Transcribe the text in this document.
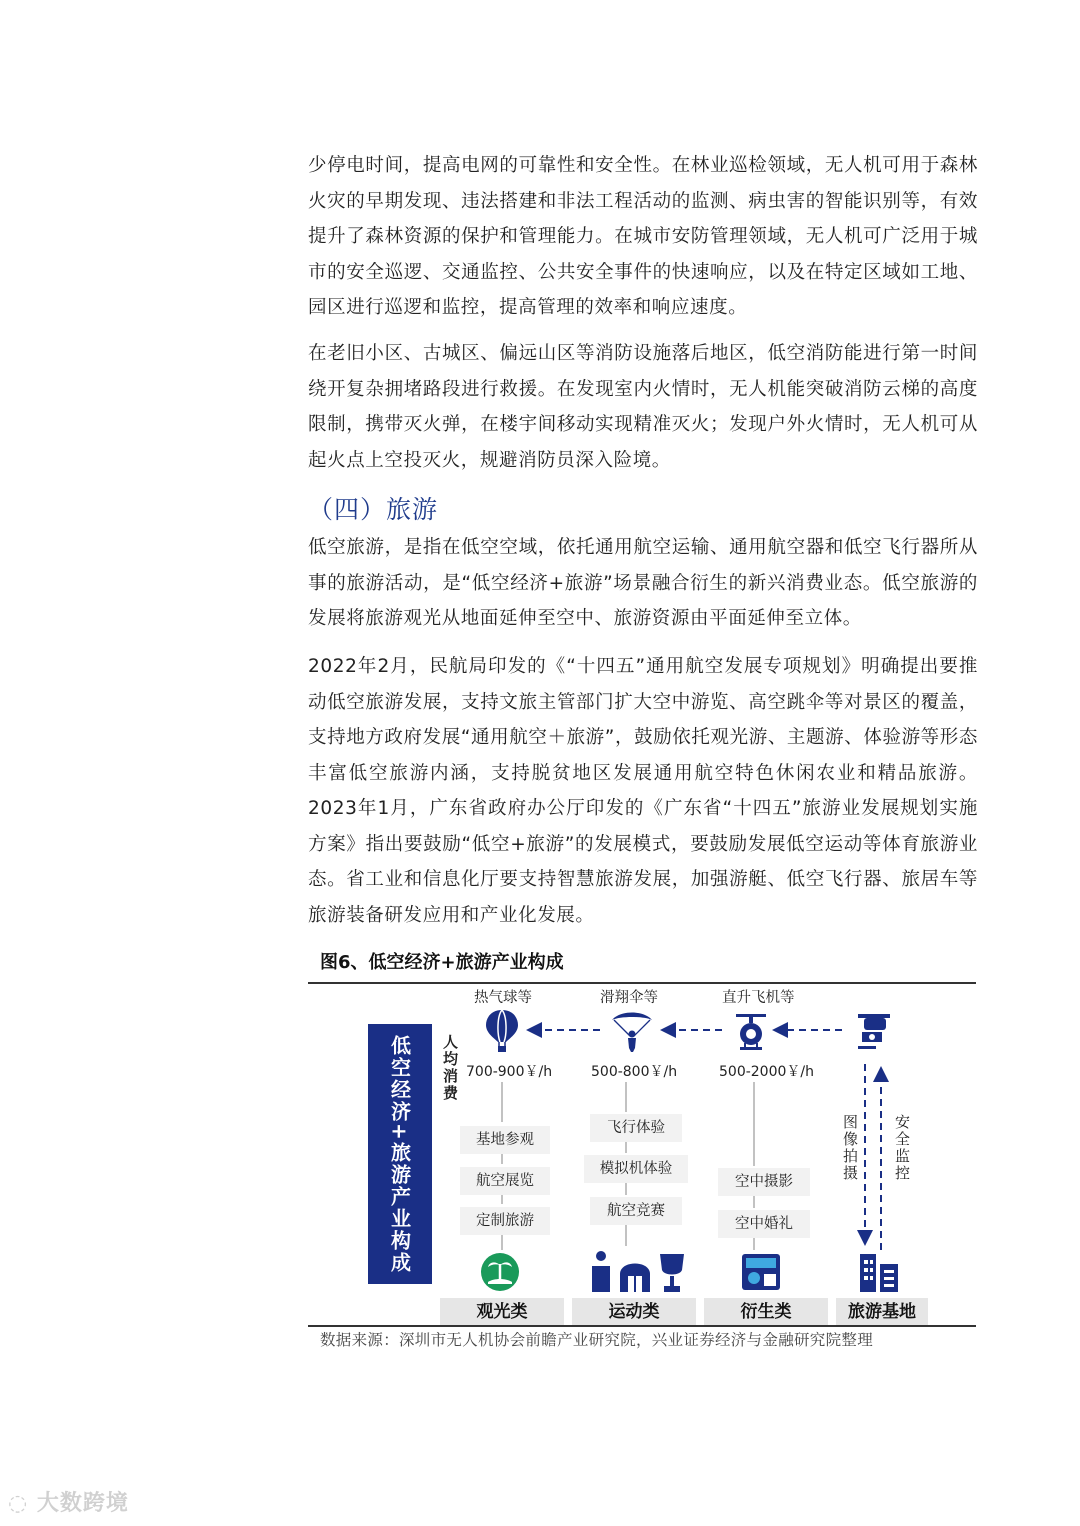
少停电时间，提高电网的可靠性和安全性。在林业巡检领域，无人机可用于森林火灾的早期发现、违法搭建和非法工程活动的监测、病虫害的智能识别等，有效提升了森林资源的保护和管理能力。在城市安防管理领域，无人机可广泛用于城市的安全巡逻、交通监控、公共安全事件的快速响应，以及在特定区域如工地、园区进行巡逻和监控，提高管理的效率和响应速度。

在老旧小区、古城区、偏远山区等消防设施落后地区，低空消防能进行第一时间绕开复杂拥堵路段进行救援。在发现室内火情时，无人机能突破消防云梯的高度限制，携带灭火弹，在楼宇间移动实现精准灭火；发现户外火情时，无人机可从起火点上空投灭火，规避消防员深入险境。

（四）旅游

低空旅游，是指在低空空域，依托通用航空运输、通用航空器和低空飞行器所从事的旅游活动，是“低空经济+旅游”场景融合衍生的新兴消费业态。低空旅游的发展将旅游观光从地面延伸至空中、旅游资源由平面延伸至立体。

2022年2月，民航局印发的《“十四五”通用航空发展专项规划》明确提出要推动低空旅游发展，支持文旅主管部门扩大空中游览、高空跳伞等对景区的覆盖，支持地方政府发展“通用航空＋旅游”，鼓励依托观光游、主题游、体验游等形态丰富低空旅游内涵，支持脱贫地区发展通用航空特色休闲农业和精品旅游。2023年1月，广东省政府办公厅印发的《广东省“十四五”旅游业发展规划实施方案》指出要鼓励“低空+旅游”的发展模式，要鼓励发展低空运动等体育旅游业态。省工业和信息化厅要支持智慧旅游发展，加强游艇、低空飞行器、旅居车等旅游装备研发应用和产业化发展。

图6、低空经济+旅游产业构成
低空经济+旅游产业构成 人均消费
热气球等	滑翔伞等	直升飞机等
700-900￥/h	500-800￥/h	500-2000￥/h
基地参观
航空展览
定制旅游
飞行体验
模拟机体验
航空竞赛
空中摄影
空中婚礼
图像拍摄 安全监控
观光类	运动类	衍生类	旅游基地
数据来源：深圳市无人机协会前瞻产业研究院，兴业证券经济与金融研究院整理
◌ 大数跨境
